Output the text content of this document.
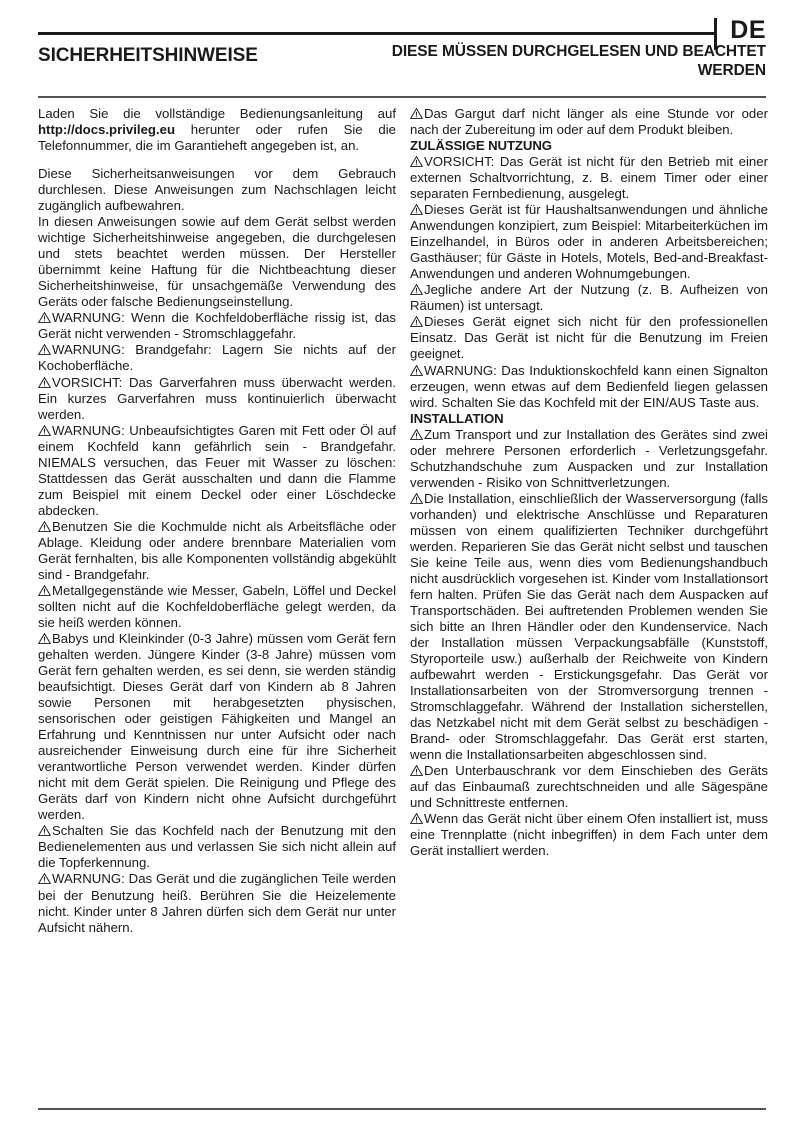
DE
SICHERHEITSHINWEISE	DIESE MÜSSEN DURCHGELESEN UND BEACHTET WERDEN

Laden Sie die vollständige Bedienungsanleitung auf http://docs.privileg.eu herunter oder rufen Sie die Telefonnummer, die im Garantieheft angegeben ist, an.

Diese Sicherheitsanweisungen vor dem Gebrauch durchlesen. Diese Anweisungen zum Nachschlagen leicht zugänglich aufbewahren.

In diesen Anweisungen sowie auf dem Gerät selbst werden wichtige Sicherheitshinweise angegeben, die durchgelesen und stets beachtet werden müssen. Der Hersteller übernimmt keine Haftung für die Nichtbeachtung dieser Sicherheitshinweise, für unsachgemäße Verwendung des Geräts oder falsche Bedienungseinstellung.

WARNUNG: Wenn die Kochfeldoberfläche rissig ist, das Gerät nicht verwenden - Stromschlaggefahr.

WARNUNG: Brandgefahr: Lagern Sie nichts auf der Kochoberfläche.

VORSICHT: Das Garverfahren muss überwacht werden. Ein kurzes Garverfahren muss kontinuierlich überwacht werden.

WARNUNG: Unbeaufsichtigtes Garen mit Fett oder Öl auf einem Kochfeld kann gefährlich sein - Brandgefahr. NIEMALS versuchen, das Feuer mit Wasser zu löschen: Stattdessen das Gerät ausschalten und dann die Flamme zum Beispiel mit einem Deckel oder einer Löschdecke abdecken.

Benutzen Sie die Kochmulde nicht als Arbeitsfläche oder Ablage. Kleidung oder andere brennbare Materialien vom Gerät fernhalten, bis alle Komponenten vollständig abgekühlt sind - Brandgefahr.

Metallgegenstände wie Messer, Gabeln, Löffel und Deckel sollten nicht auf die Kochfeldoberfläche gelegt werden, da sie heiß werden können.

Babys und Kleinkinder (0-3 Jahre) müssen vom Gerät fern gehalten werden. Jüngere Kinder (3-8 Jahre) müssen vom Gerät fern gehalten werden, es sei denn, sie werden ständig beaufsichtigt. Dieses Gerät darf von Kindern ab 8 Jahren sowie Personen mit herabgesetzten physischen, sensorischen oder geistigen Fähigkeiten und Mangel an Erfahrung und Kenntnissen nur unter Aufsicht oder nach ausreichender Einweisung durch eine für ihre Sicherheit verantwortliche Person verwendet werden. Kinder dürfen nicht mit dem Gerät spielen. Die Reinigung und Pflege des Geräts darf von Kindern nicht ohne Aufsicht durchgeführt werden.

Schalten Sie das Kochfeld nach der Benutzung mit den Bedienelementen aus und verlassen Sie sich nicht allein auf die Topferkennung.

WARNUNG: Das Gerät und die zugänglichen Teile werden bei der Benutzung heiß. Berühren Sie die Heizelemente nicht. Kinder unter 8 Jahren dürfen sich dem Gerät nur unter Aufsicht nähern.

Das Gargut darf nicht länger als eine Stunde vor oder nach der Zubereitung im oder auf dem Produkt bleiben.

ZULÄSSIGE NUTZUNG

VORSICHT: Das Gerät ist nicht für den Betrieb mit einer externen Schaltvorrichtung, z. B. einem Timer oder einer separaten Fernbedienung, ausgelegt.

Dieses Gerät ist für Haushaltsanwendungen und ähnliche Anwendungen konzipiert, zum Beispiel: Mitarbeiterküchen im Einzelhandel, in Büros oder in anderen Arbeitsbereichen; Gasthäuser; für Gäste in Hotels, Motels, Bed-and-Breakfast-Anwendungen und anderen Wohnumgebungen.

Jegliche andere Art der Nutzung (z. B. Aufheizen von Räumen) ist untersagt.

Dieses Gerät eignet sich nicht für den professionellen Einsatz. Das Gerät ist nicht für die Benutzung im Freien geeignet.

WARNUNG: Das Induktionskochfeld kann einen Signalton erzeugen, wenn etwas auf dem Bedienfeld liegen gelassen wird. Schalten Sie das Kochfeld mit der EIN/AUS Taste aus.

INSTALLATION

Zum Transport und zur Installation des Gerätes sind zwei oder mehrere Personen erforderlich - Verletzungsgefahr. Schutzhandschuhe zum Auspacken und zur Installation verwenden - Risiko von Schnittverletzungen.

Die Installation, einschließlich der Wasserversorgung (falls vorhanden) und elektrische Anschlüsse und Reparaturen müssen von einem qualifizierten Techniker durchgeführt werden. Reparieren Sie das Gerät nicht selbst und tauschen Sie keine Teile aus, wenn dies vom Bedienungshandbuch nicht ausdrücklich vorgesehen ist. Kinder vom Installationsort fern halten. Prüfen Sie das Gerät nach dem Auspacken auf Transportschäden. Bei auftretenden Problemen wenden Sie sich bitte an Ihren Händler oder den Kundenservice. Nach der Installation müssen Verpackungsabfälle (Kunststoff, Styroporteile usw.) außerhalb der Reichweite von Kindern aufbewahrt werden - Erstickungsgefahr. Das Gerät vor Installationsarbeiten von der Stromversorgung trennen - Stromschlaggefahr. Während der Installation sicherstellen, das Netzkabel nicht mit dem Gerät selbst zu beschädigen - Brand- oder Stromschlaggefahr. Das Gerät erst starten, wenn die Installationsarbeiten abgeschlossen sind.

Den Unterbauschrank vor dem Einschieben des Geräts auf das Einbaumaß zurechtschneiden und alle Sägespäne und Schnittreste entfernen.

Wenn das Gerät nicht über einem Ofen installiert ist, muss eine Trennplatte (nicht inbegriffen) in dem Fach unter dem Gerät installiert werden.
